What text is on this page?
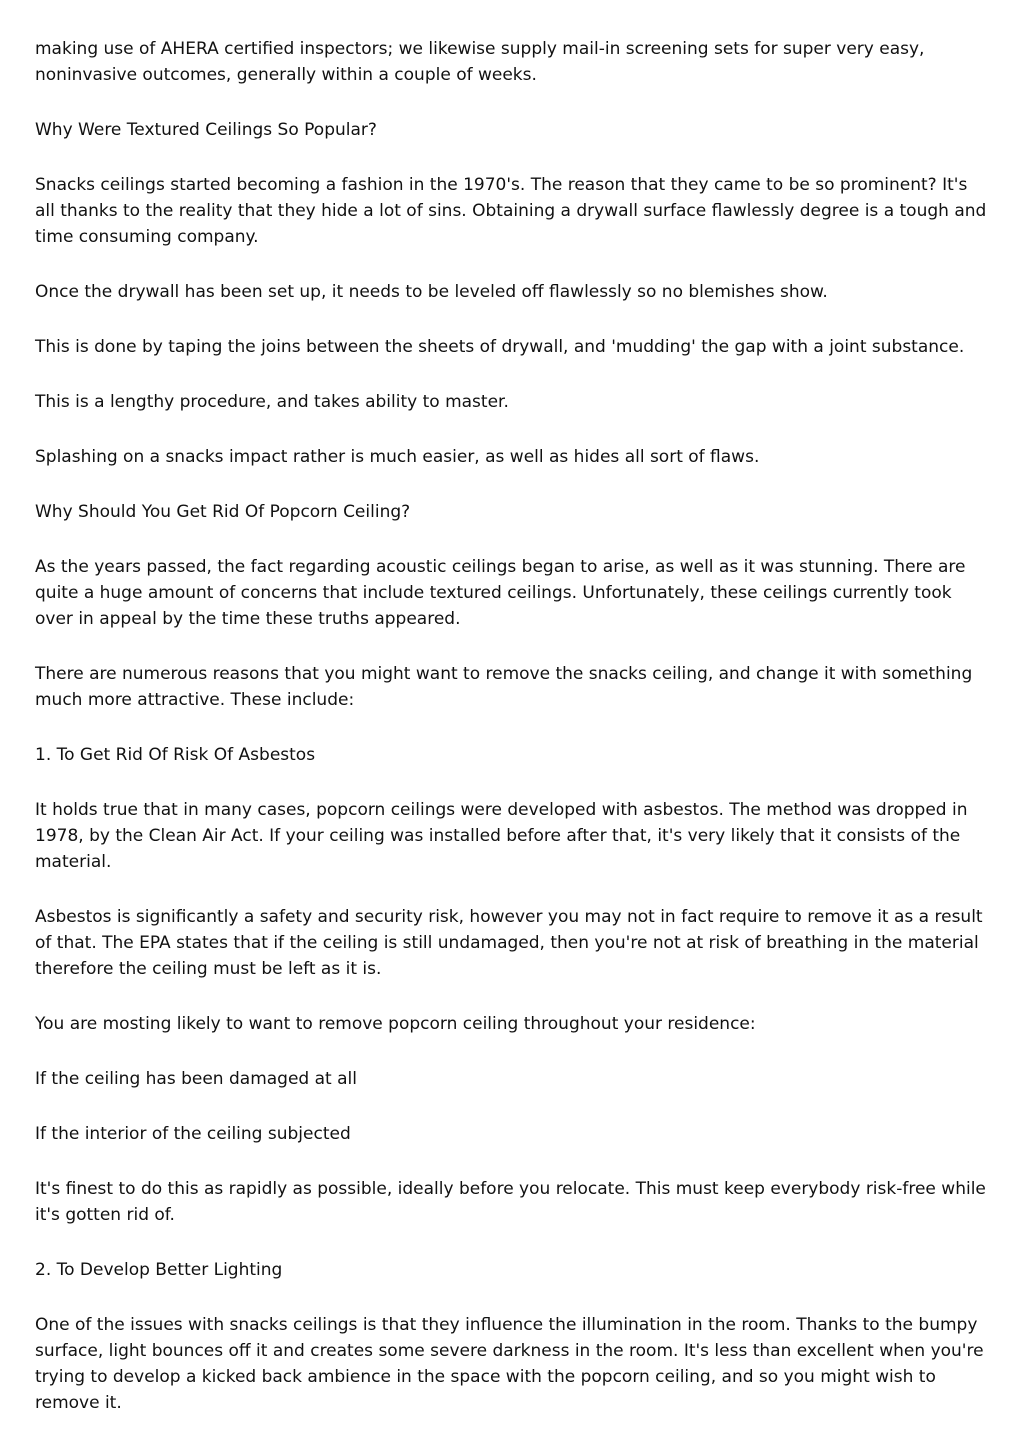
making use of AHERA certified inspectors; we likewise supply mail-in screening sets for super very easy, noninvasive outcomes, generally within a couple of weeks.

Why Were Textured Ceilings So Popular?

Snacks ceilings started becoming a fashion in the 1970's. The reason that they came to be so prominent? It's all thanks to the reality that they hide a lot of sins. Obtaining a drywall surface flawlessly degree is a tough and time consuming company.

Once the drywall has been set up, it needs to be leveled off flawlessly so no blemishes show.

This is done by taping the joins between the sheets of drywall, and 'mudding' the gap with a joint substance.

This is a lengthy procedure, and takes ability to master.

Splashing on a snacks impact rather is much easier, as well as hides all sort of flaws.

Why Should You Get Rid Of Popcorn Ceiling?

As the years passed, the fact regarding acoustic ceilings began to arise, as well as it was stunning. There are quite a huge amount of concerns that include textured ceilings. Unfortunately, these ceilings currently took over in appeal by the time these truths appeared.

There are numerous reasons that you might want to remove the snacks ceiling, and change it with something much more attractive. These include:

1. To Get Rid Of Risk Of Asbestos

It holds true that in many cases, popcorn ceilings were developed with asbestos. The method was dropped in 1978, by the Clean Air Act. If your ceiling was installed before after that, it's very likely that it consists of the material.

Asbestos is significantly a safety and security risk, however you may not in fact require to remove it as a result of that. The EPA states that if the ceiling is still undamaged, then you're not at risk of breathing in the material therefore the ceiling must be left as it is.

You are mosting likely to want to remove popcorn ceiling throughout your residence:

If the ceiling has been damaged at all

If the interior of the ceiling subjected

It's finest to do this as rapidly as possible, ideally before you relocate. This must keep everybody risk-free while it's gotten rid of.

2. To Develop Better Lighting

One of the issues with snacks ceilings is that they influence the illumination in the room. Thanks to the bumpy surface, light bounces off it and creates some severe darkness in the room. It's less than excellent when you're trying to develop a kicked back ambience in the space with the popcorn ceiling, and so you might wish to remove it.
